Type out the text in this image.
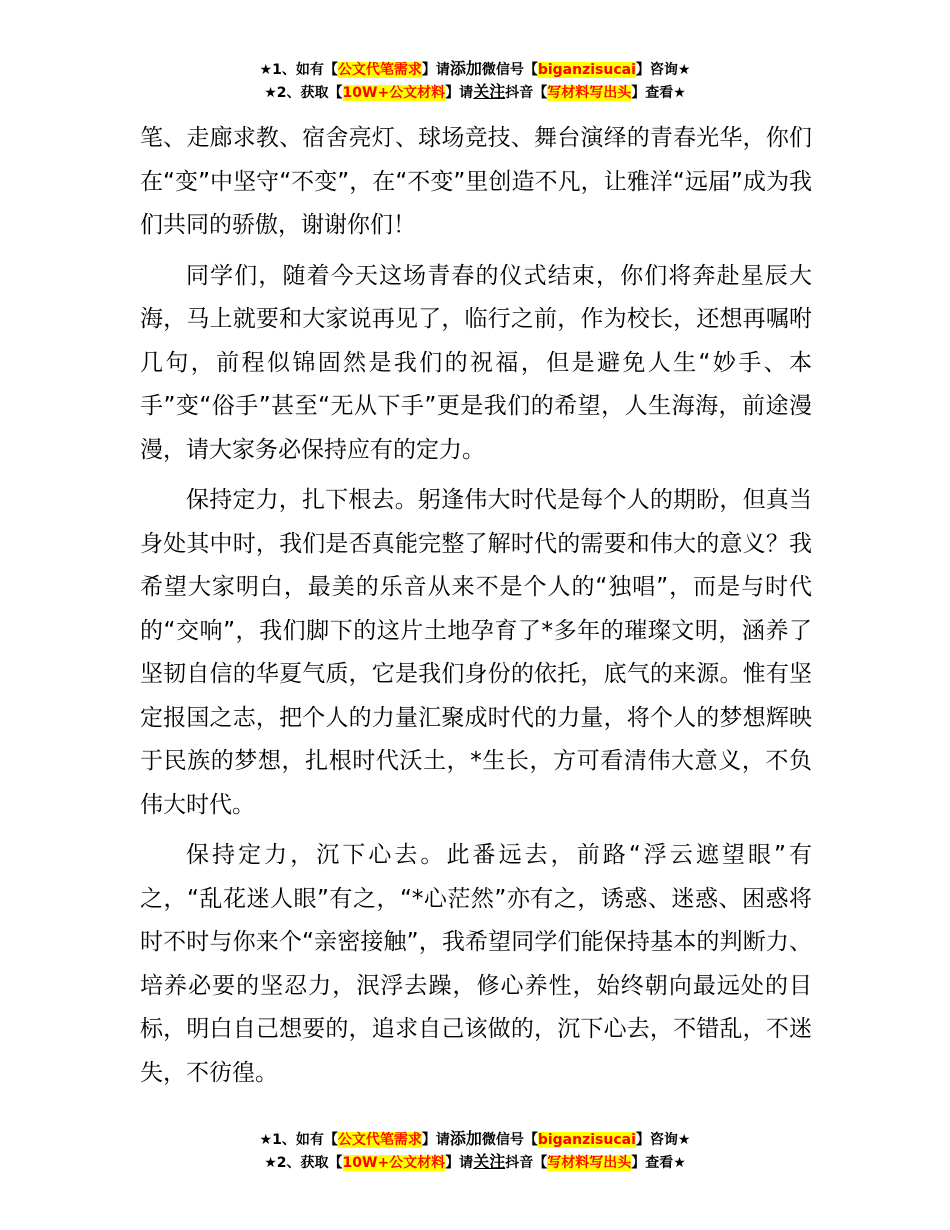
★1、如有【公文代笔需求】请添加微信号【biganzisucai】咨询★
★2、获取【10W+公文材料】请关注抖音【写材料写出头】查看★

笔、走廊求教、宿舍亮灯、球场竞技、舞台演绎的青春光华，你们在“变”中坚守“不变”，在“不变”里创造不凡，让雅洋“远届”成为我们共同的骄傲，谢谢你们！

同学们，随着今天这场青春的仪式结束，你们将奔赴星辰大海，马上就要和大家说再见了，临行之前，作为校长，还想再嘱咐几句，前程似锦固然是我们的祝福，但是避免人生“妙手、本手”变“俗手”甚至“无从下手”更是我们的希望，人生海海，前途漫漫，请大家务必保持应有的定力。

保持定力，扎下根去。躬逢伟大时代是每个人的期盼，但真当身处其中时，我们是否真能完整了解时代的需要和伟大的意义？我希望大家明白，最美的乐音从来不是个人的“独唱”，而是与时代的“交响”，我们脚下的这片土地孕育了*多年的璀璨文明，涵养了坚韧自信的华夏气质，它是我们身份的依托，底气的来源。惟有坚定报国之志，把个人的力量汇聚成时代的力量，将个人的梦想辉映于民族的梦想，扎根时代沃土，*生长，方可看清伟大意义，不负伟大时代。

保持定力，沉下心去。此番远去，前路“浮云遮望眼”有之，“乱花迷人眼”有之，“*心茫然”亦有之，诱惑、迷惑、困惑将时不时与你来个“亲密接触”，我希望同学们能保持基本的判断力、培养必要的坚忍力，泯浮去躁，修心养性，始终朝向最远处的目标，明白自己想要的，追求自己该做的，沉下心去，不错乱，不迷失，不彷徨。

★1、如有【公文代笔需求】请添加微信号【biganzisucai】咨询★
★2、获取【10W+公文材料】请关注抖音【写材料写出头】查看★
